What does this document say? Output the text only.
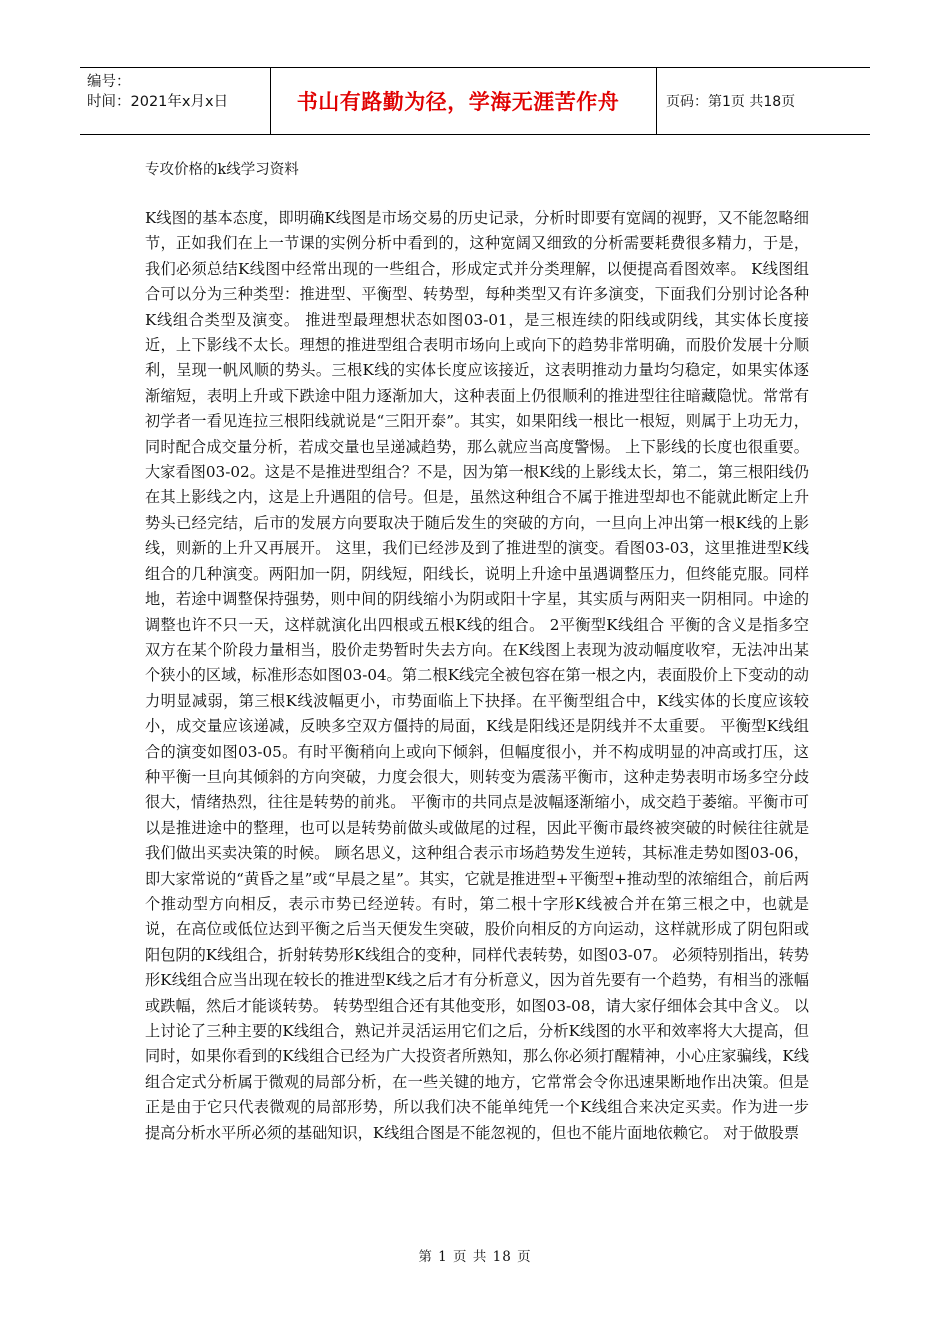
编号：
时间：2021年x月x日	书山有路勤为径，学海无涯苦作舟	页码：第1页 共18页
专攻价格的k线学习资料

K线图的基本态度，即明确K线图是市场交易的历史记录，分析时即要有宽阔的视野，又不能忽略细节，正如我们在上一节课的实例分析中看到的，这种宽阔又细致的分析需要耗费很多精力，于是，我们必须总结K线图中经常出现的一些组合，形成定式并分类理解，以便提高看图效率。 K线图组合可以分为三种类型：推进型、平衡型、转势型，每种类型又有许多演变，下面我们分别讨论各种K线组合类型及演变。 推进型最理想状态如图03-01，是三根连续的阳线或阴线，其实体长度接近，上下影线不太长。理想的推进型组合表明市场向上或向下的趋势非常明确，而股价发展十分顺利，呈现一帆风顺的势头。三根K线的实体长度应该接近，这表明推动力量均匀稳定，如果实体逐渐缩短，表明上升或下跌途中阻力逐渐加大，这种表面上仍很顺利的推进型往往暗藏隐忧。常常有初学者一看见连拉三根阳线就说是“三阳开泰”。其实，如果阳线一根比一根短，则属于上功无力，同时配合成交量分析，若成交量也呈递减趋势，那么就应当高度警惕。 上下影线的长度也很重要。大家看图03-02。这是不是推进型组合？不是，因为第一根K线的上影线太长，第二，第三根阳线仍在其上影线之内，这是上升遇阻的信号。但是，虽然这种组合不属于推进型却也不能就此断定上升势头已经完结，后市的发展方向要取决于随后发生的突破的方向，一旦向上冲出第一根K线的上影线，则新的上升又再展开。 这里，我们已经涉及到了推进型的演变。看图03-03，这里推进型K线组合的几种演变。两阳加一阴，阴线短，阳线长，说明上升途中虽遇调整压力，但终能克服。同样地，若途中调整保持强势，则中间的阴线缩小为阴或阳十字星，其实质与两阳夹一阴相同。中途的调整也许不只一天，这样就演化出四根或五根K线的组合。 2平衡型K线组合 平衡的含义是指多空双方在某个阶段力量相当，股价走势暂时失去方向。在K线图上表现为波动幅度收窄，无法冲出某个狭小的区域，标准形态如图03-04。第二根K线完全被包容在第一根之内，表面股价上下变动的动力明显减弱，第三根K线波幅更小，市势面临上下抉择。在平衡型组合中，K线实体的长度应该较小，成交量应该递减，反映多空双方僵持的局面，K线是阳线还是阴线并不太重要。 平衡型K线组合的演变如图03-05。有时平衡稍向上或向下倾斜，但幅度很小，并不构成明显的冲高或打压，这种平衡一旦向其倾斜的方向突破，力度会很大，则转变为震荡平衡市，这种走势表明市场多空分歧很大，情绪热烈，往往是转势的前兆。 平衡市的共同点是波幅逐渐缩小，成交趋于萎缩。平衡市可以是推进途中的整理，也可以是转势前做头或做尾的过程，因此平衡市最终被突破的时候往往就是我们做出买卖决策的时候。 顾名思义，这种组合表示市场趋势发生逆转，其标准走势如图03-06，即大家常说的“黄昏之星”或“早晨之星”。其实，它就是推进型+平衡型+推动型的浓缩组合，前后两个推动型方向相反，表示市势已经逆转。有时，第二根十字形K线被合并在第三根之中，也就是说，在高位或低位达到平衡之后当天便发生突破，股价向相反的方向运动，这样就形成了阴包阳或阳包阴的K线组合，折射转势形K线组合的变种，同样代表转势，如图03-07。 必须特别指出，转势形K线组合应当出现在较长的推进型K线之后才有分析意义，因为首先要有一个趋势，有相当的涨幅或跌幅，然后才能谈转势。 转势型组合还有其他变形，如图03-08，请大家仔细体会其中含义。 以上讨论了三种主要的K线组合，熟记并灵活运用它们之后，分析K线图的水平和效率将大大提高，但同时，如果你看到的K线组合已经为广大投资者所熟知，那么你必须打醒精神，小心庄家骗线，K线组合定式分析属于微观的局部分析，在一些关键的地方，它常常会令你迅速果断地作出决策。但是正是由于它只代表微观的局部形势，所以我们决不能单纯凭一个K线组合来决定买卖。作为进一步提高分析水平所必须的基础知识，K线组合图是不能忽视的，但也不能片面地依赖它。 对于做股票

第 1 页 共 18 页
